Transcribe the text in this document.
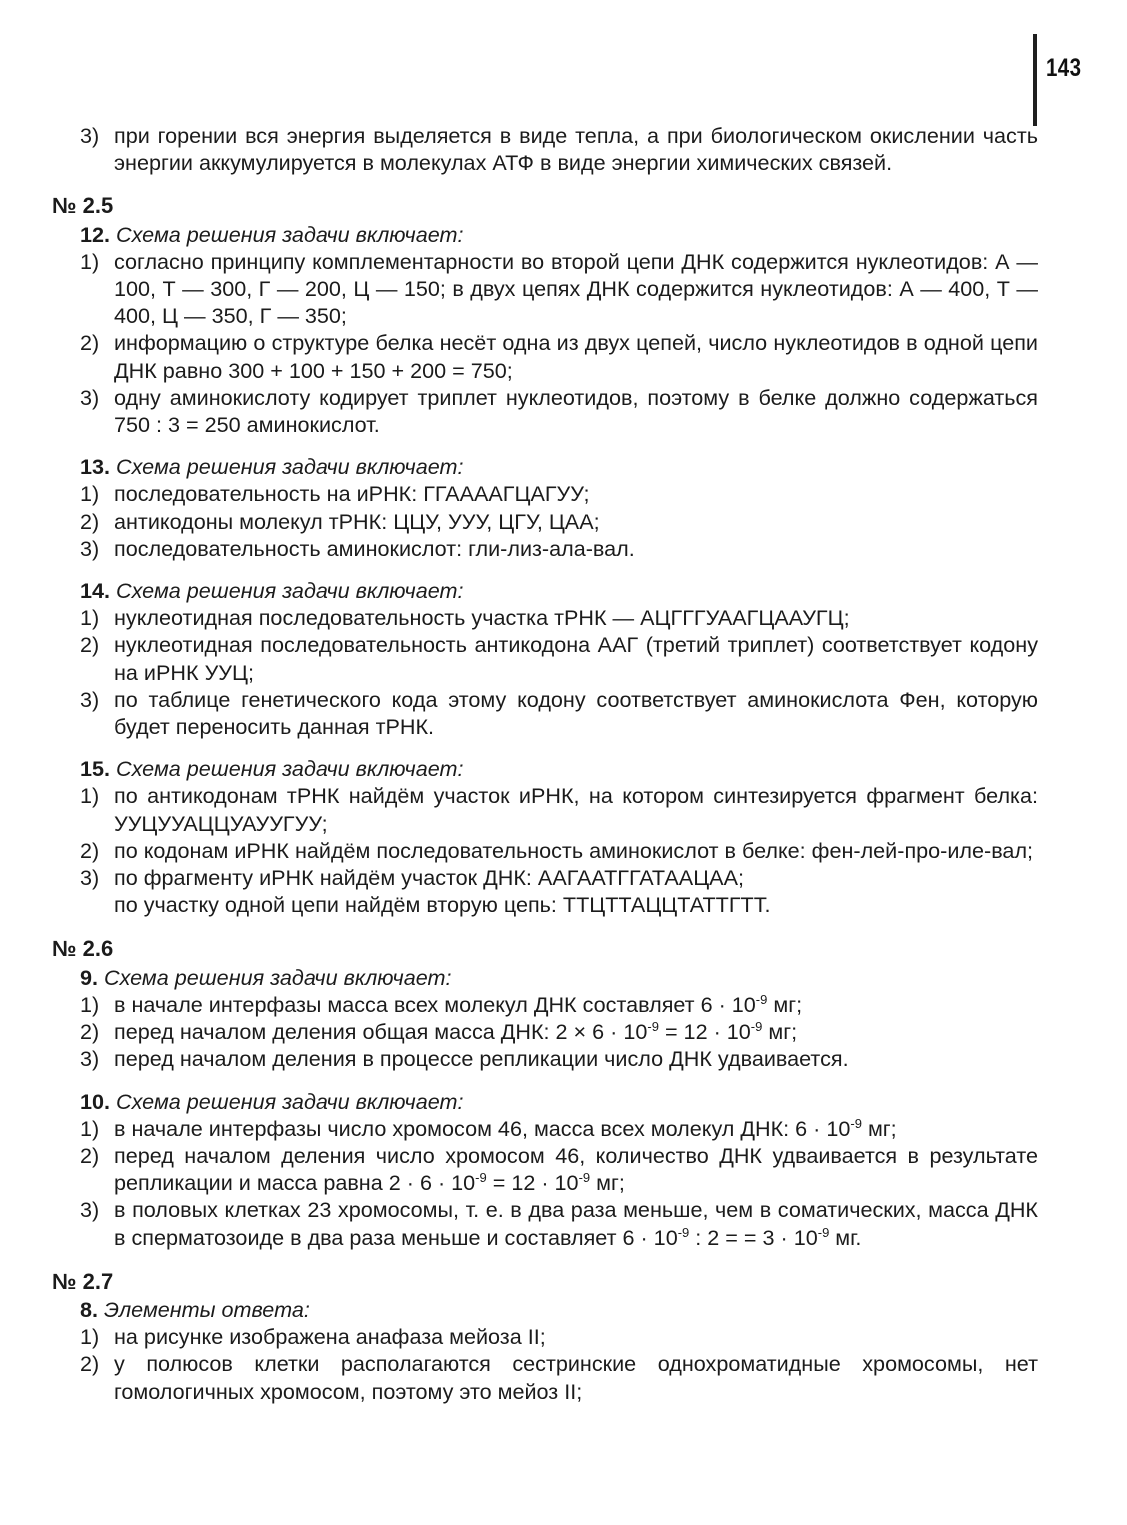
143
3) при горении вся энергия выделяется в виде тепла, а при биологическом окислении часть энергии аккумулируется в молекулах АТФ в виде энергии химических связей.
№ 2.5
12. Схема решения задачи включает:
1) согласно принципу комплементарности во второй цепи ДНК содержится нуклеотидов: А — 100, Т — 300, Г — 200, Ц — 150; в двух цепях ДНК содержится нуклеотидов: А — 400, Т — 400, Ц — 350, Г — 350;
2) информацию о структуре белка несёт одна из двух цепей, число нуклеотидов в одной цепи ДНК равно 300 + 100 + 150 + 200 = 750;
3) одну аминокислоту кодирует триплет нуклеотидов, поэтому в белке должно содержаться 750 : 3 = 250 аминокислот.
13. Схема решения задачи включает:
1) последовательность на иРНК: ГГАААAГЦАГУУ;
2) антикодоны молекул тРНК: ЦЦУ, УУУ, ЦГУ, ЦАА;
3) последовательность аминокислот: гли-лиз-ала-вал.
14. Схема решения задачи включает:
1) нуклеотидная последовательность участка тРНК — АЦГГГУААГЦААУГЦ;
2) нуклеотидная последовательность антикодона ААГ (третий триплет) соответствует кодону на иРНК УУЦ;
3) по таблице генетического кода этому кодону соответствует аминокислота Фен, которую будет переносить данная тРНК.
15. Схема решения задачи включает:
1) по антикодонам тРНК найдём участок иРНК, на котором синтезируется фрагмент белка: УУЦУУАЦЦУАУУГУУ;
2) по кодонам иРНК найдём последовательность аминокислот в белке: фен-лей-про-иле-вал;
3) по фрагменту иРНК найдём участок ДНК: ААГААТГГАТААЦАА;
по участку одной цепи найдём вторую цепь: ТТЦТТАЦЦТАТТГТТ.
№ 2.6
9. Схема решения задачи включает:
1) в начале интерфазы масса всех молекул ДНК составляет $6 \cdot 10^{-9}$ мг;
2) перед началом деления общая масса ДНК: $2 \times 6 \cdot 10^{-9} = 12 \cdot 10^{-9}$ мг;
3) перед началом деления в процессе репликации число ДНК удваивается.
10. Схема решения задачи включает:
1) в начале интерфазы число хромосом 46, масса всех молекул ДНК: $6 \cdot 10^{-9}$ мг;
2) перед началом деления число хромосом 46, количество ДНК удваивается в результате репликации и масса равна $2 \cdot 6 \cdot 10^{-9} = 12 \cdot 10^{-9}$ мг;
3) в половых клетках 23 хромосомы, т. е. в два раза меньше, чем в соматических, масса ДНК в сперматозоиде в два раза меньше и составляет $6 \cdot 10^{-9}$ : 2 = = $3 \cdot 10^{-9}$ мг.
№ 2.7
8. Элементы ответа:
1) на рисунке изображена анафаза мейоза II;
2) у полюсов клетки располагаются сестринские однохроматидные хромосомы, нет гомологичных хромосом, поэтому это мейоз II;
